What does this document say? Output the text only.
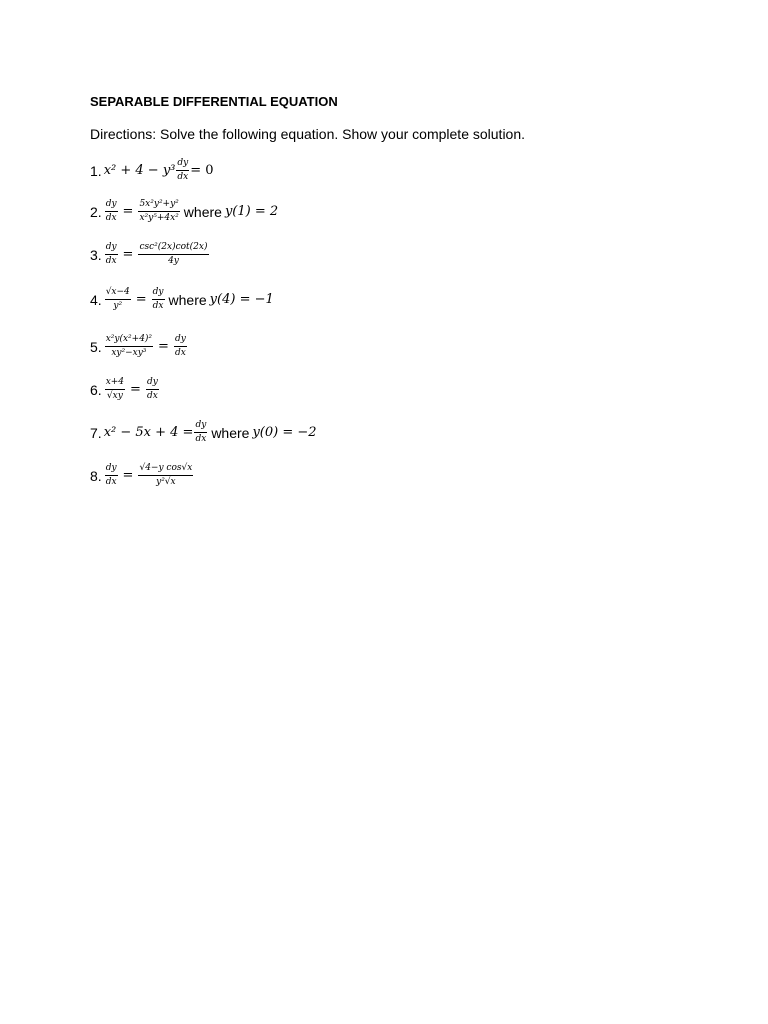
SEPARABLE DIFFERENTIAL EQUATION
Directions: Solve the following equation. Show your complete solution.
1. $x^2 + 4 - y^3 \frac{dy}{dx} = 0$
2. $\frac{dy}{dx} = \frac{\text{5x²y²+y²}}{\text{x²y⁵+4x²}}$ where y(1) = 2
3. $\frac{dy}{dx} = \frac{\text{csc²(2x)cot(2x)}}{4y}$
4. $\frac{√x-4}{\text{y²}} = \frac{dy}{dx}$ where y(4) = −1
5. $\frac{\text{x²y(x²+4)²}}{\text{xy²−xy³}} = \frac{dy}{dx}$
6. $\frac{x+4}{√xy} = \frac{dy}{dx}$
7. $x^2 - 5x + 4 = \frac{dy}{dx}$ where y(0) = −2
8. $\frac{dy}{dx} = \frac{\text{√4−y cos√x}}{\text{y²√x}}$
